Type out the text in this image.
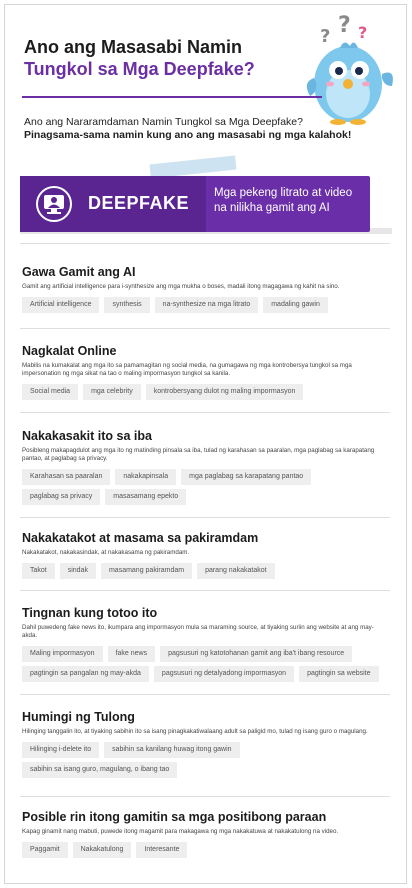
Ano ang Masasabi Namin
Tungkol sa Mga Deepfake?
? ? ?
Ano ang Nararamdaman Namin Tungkol sa Mga Deepfake?
Pinagsama-sama namin kung ano ang masasabi ng mga kalahok!
DEEPFAKE Mga pekeng litrato at video na nilikha gamit ang AI
Gawa Gamit ang AI
Gamit ang artificial intelligence para i-synthesize ang mga mukha o boses, madali itong magagawa ng kahit na sino.
Artificial intelligence	synthesis	na-synthesize na mga litrato	madaling gawin
Nagkalat Online
Mabilis na kumakalat ang mga ito sa pamamagitan ng social media, na gumagawa ng mga kontrobersya tungkol sa mga impersonation ng mga sikat na tao o maling impormasyon tungkol sa kanila.
Social media	mga celebrity	kontrobersyang dulot ng maling impormasyon
Nakakasakit ito sa iba
Posibleng makapagdulot ang mga ito ng matinding pinsala sa iba, tulad ng karahasan sa paaralan, mga paglabag sa karapatang pantao, at paglabag sa privacy.
Karahasan sa paaralan	nakakapinsala	mga paglabag sa karapatang pantao
paglabag sa privacy	masasamang epekto
Nakakatakot at masama sa pakiramdam
Nakakatakot, nakakasindak, at nakakasama ng pakiramdam.
Takot	sindak	masamang pakiramdam	parang nakakatakot
Tingnan kung totoo ito
Dahil puwedeng fake news ito, ikumpara ang impormasyon mula sa maraming source, at tiyaking suriin ang website at ang may-akda.
Maling impormasyon	fake news	pagsusuri ng katotohanan gamit ang iba't ibang resource
pagtingin sa pangalan ng may-akda	pagsusuri ng detalyadong impormasyon	pagtingin sa website
Humingi ng Tulong
Hilinging tanggalin ito, at tiyaking sabihin ito sa isang pinagkakatiwalaang adult sa paligid mo, tulad ng isang guro o magulang.
Hilinging i-delete ito	sabihin sa kanilang huwag itong gawin
sabihin sa isang guro, magulang, o ibang tao
Posible rin itong gamitin sa mga positibong paraan
Kapag ginamit nang mabuti, puwede itong magamit para makagawa ng mga nakakatuwa at nakakatulong na video.
Paggamit	Nakakatulong	Interesante
